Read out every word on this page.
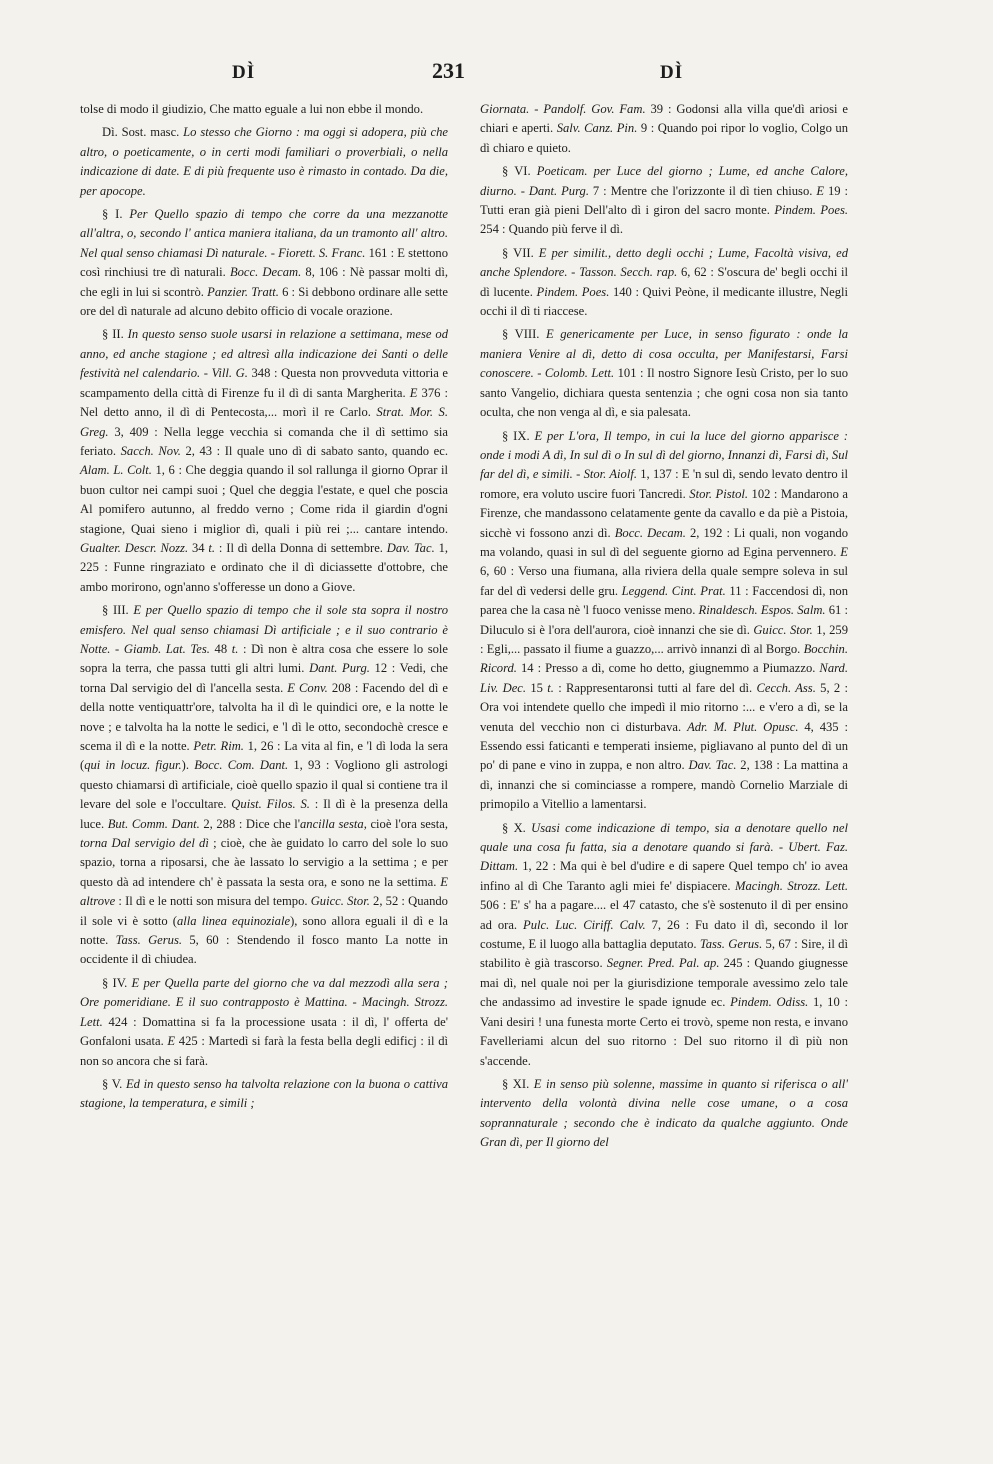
DÌ	231	DÌ

tolse di modo il giudizio, Che matto eguale a lui non ebbe il mondo.

Dì. Sost. masc. Lo stesso che Giorno : ma oggi si adopera, più che altro, o poeticamente, o in certi modi familiari o proverbiali, o nella indicazione di date. E di più frequente uso è rimasto in contado. Da die, per apocope.

§ I. Per Quello spazio di tempo che corre da una mezzanotte all'altra, o, secondo l' antica maniera italiana, da un tramonto all' altro. Nel qual senso chiamasi Dì naturale. - Fiorett. S. Franc. 161 : E stettono così rinchiusi tre dì naturali. Bocc. Decam. 8, 106 : Nè passar molti dì, che egli in lui si scontrò. Panzier. Tratt. 6 : Si debbono ordinare alle sette ore del dì naturale ad alcuno debito officio di vocale orazione.

§ II. In questo senso suole usarsi in relazione a settimana, mese od anno, ed anche stagione ; ed altresì alla indicazione dei Santi o delle festività nel calendario. - Vill. G. 348 : Questa non provveduta vittoria e scampamento della città di Firenze fu il dì di santa Margherita. E 376 : Nel detto anno, il dì di Pentecosta,... morì il re Carlo. Strat. Mor. S. Greg. 3, 409 : Nella legge vecchia si comanda che il dì settimo sia feriato. Sacch. Nov. 2, 43 : Il quale uno dì di sabato santo, quando ec. Alam. L. Colt. 1, 6 : Che deggia quando il sol rallunga il giorno Oprar il buon cultor nei campi suoi ; Quel che deggia l'estate, e quel che poscia Al pomifero autunno, al freddo verno ; Come rida il giardin d'ogni stagione, Quai sieno i miglior dì, quali i più rei ;... cantare intendo. Gualter. Descr. Nozz. 34 t. : Il dì della Donna di settembre. Dav. Tac. 1, 225 : Funne ringraziato e ordinato che il dì diciassette d'ottobre, che ambo morirono, ogn'anno s'offeresse un dono a Giove.

§ III. E per Quello spazio di tempo che il sole sta sopra il nostro emisfero. Nel qual senso chiamasi Dì artificiale ; e il suo contrario è Notte. - Giamb. Lat. Tes. 48 t. : Dì non è altra cosa che essere lo sole sopra la terra, che passa tutti gli altri lumi. Dant. Purg. 12 : Vedi, che torna Dal servigio del dì l'ancella sesta. E Conv. 208 : Facendo del dì e della notte ventiquattr'ore, talvolta ha il dì le quindici ore, e la notte le nove ; e talvolta ha la notte le sedici, e 'l dì le otto, secondochè cresce e scema il dì e la notte. Petr. Rim. 1, 26 : La vita al fin, e 'l dì loda la sera (qui in locuz. figur.). Bocc. Com. Dant. 1, 93 : Vogliono gli astrologi questo chiamarsi dì artificiale, cioè quello spazio il qual si contiene tra il levare del sole e l'occultare. Quist. Filos. S. : Il dì è la presenza della luce. But. Comm. Dant. 2, 288 : Dice che l'ancilla sesta, cioè l'ora sesta, torna Dal servigio del dì ; cioè, che àe guidato lo carro del sole lo suo spazio, torna a riposarsi, che àe lassato lo servigio a la settima ; e per questo dà ad intendere ch' è passata la sesta ora, e sono ne la settima. E altrove : Il dì e le notti son misura del tempo. Guicc. Stor. 2, 52 : Quando il sole vi è sotto (alla linea equinoziale), sono allora eguali il dì e la notte. Tass. Gerus. 5, 60 : Stendendo il fosco manto La notte in occidente il dì chiudea.

§ IV. E per Quella parte del giorno che va dal mezzodì alla sera ; Ore pomeridiane. E il suo contrapposto è Mattina. - Macingh. Strozz. Lett. 424 : Domattina si fa la processione usata : il dì, l' offerta de' Gonfaloni usata. E 425 : Martedì si farà la festa bella degli edificj : il dì non so ancora che si farà.

§ V. Ed in questo senso ha talvolta relazione con la buona o cattiva stagione, la temperatura, e simili ;

Giornata. - Pandolf. Gov. Fam. 39 : Godonsi alla villa que'dì ariosi e chiari e aperti. Salv. Canz. Pin. 9 : Quando poi ripor lo voglio, Colgo un dì chiaro e quieto.

§ VI. Poeticam. per Luce del giorno ; Lume, ed anche Calore, diurno. - Dant. Purg. 7 : Mentre che l'orizzonte il dì tien chiuso. E 19 : Tutti eran già pieni Dell'alto dì i giron del sacro monte. Pindem. Poes. 254 : Quando più ferve il dì.

§ VII. E per similit., detto degli occhi ; Lume, Facoltà visiva, ed anche Splendore. - Tasson. Secch. rap. 6, 62 : S'oscura de' begli occhi il dì lucente. Pindem. Poes. 140 : Quivi Peòne, il medicante illustre, Negli occhi il dì ti riaccese.

§ VIII. E genericamente per Luce, in senso figurato : onde la maniera Venire al dì, detto di cosa occulta, per Manifestarsi, Farsi conoscere. - Colomb. Lett. 101 : Il nostro Signore Iesù Cristo, per lo suo santo Vangelio, dichiara questa sentenzia ; che ogni cosa non sia tanto oculta, che non venga al dì, e sia palesata.

§ IX. E per L'ora, Il tempo, in cui la luce del giorno apparisce : onde i modi A dì, In sul dì o In sul dì del giorno, Innanzi dì, Farsi dì, Sul far del dì, e simili. - Stor. Aiolf. 1, 137 : E 'n sul dì, sendo levato dentro il romore, era voluto uscire fuori Tancredi. Stor. Pistol. 102 : Mandarono a Firenze, che mandassono celatamente gente da cavallo e da piè a Pistoia, sicchè vi fossono anzi dì. Bocc. Decam. 2, 192 : Li quali, non vogando ma volando, quasi in sul dì del seguente giorno ad Egina pervennero. E 6, 60 : Verso una fiumana, alla riviera della quale sempre soleva in sul far del dì vedersi delle gru. Leggend. Cint. Prat. 11 : Faccendosi dì, non parea che la casa nè 'l fuoco venisse meno. Rinaldesch. Espos. Salm. 61 : Diluculo si è l'ora dell'aurora, cioè innanzi che sie dì. Guicc. Stor. 1, 259 : Egli,... passato il fiume a guazzo,... arrivò innanzi dì al Borgo. Bocchin. Ricord. 14 : Presso a dì, come ho detto, giugnemmo a Piumazzo. Nard. Liv. Dec. 15 t. : Rappresentaronsi tutti al fare del dì. Cecch. Ass. 5, 2 : Ora voi intendete quello che impedì il mio ritorno :... e v'ero a dì, se la venuta del vecchio non ci disturbava. Adr. M. Plut. Opusc. 4, 435 : Essendo essi faticanti e temperati insieme, pigliavano al punto del dì un po' di pane e vino in zuppa, e non altro. Dav. Tac. 2, 138 : La mattina a dì, innanzi che si cominciasse a rompere, mandò Cornelio Marziale di primopilo a Vitellio a lamentarsi.

§ X. Usasi come indicazione di tempo, sia a denotare quello nel quale una cosa fu fatta, sia a denotare quando si farà. - Ubert. Faz. Dittam. 1, 22 : Ma qui è bel d'udire e di sapere Quel tempo ch' io avea infino al dì Che Taranto agli miei fe' dispiacere. Macingh. Strozz. Lett. 506 : E' s' ha a pagare.... el 47 catasto, che s'è sostenuto il dì per ensino ad ora. Pulc. Luc. Ciriff. Calv. 7, 26 : Fu dato il dì, secondo il lor costume, E il luogo alla battaglia deputato. Tass. Gerus. 5, 67 : Sire, il dì stabilito è già trascorso. Segner. Pred. Pal. ap. 245 : Quando giugnesse mai dì, nel quale noi per la giurisdizione temporale avessimo zelo tale che andassimo ad investire le spade ignude ec. Pindem. Odiss. 1, 10 : Vani desiri ! una funesta morte Certo ei trovò, speme non resta, e invano Favelleriami alcun del suo ritorno : Del suo ritorno il dì più non s'accende.

§ XI. E in senso più solenne, massime in quanto si riferisca o all' intervento della volontà divina nelle cose umane, o a cosa soprannaturale ; secondo che è indicato da qualche aggiunto. Onde Gran dì, per Il giorno del
